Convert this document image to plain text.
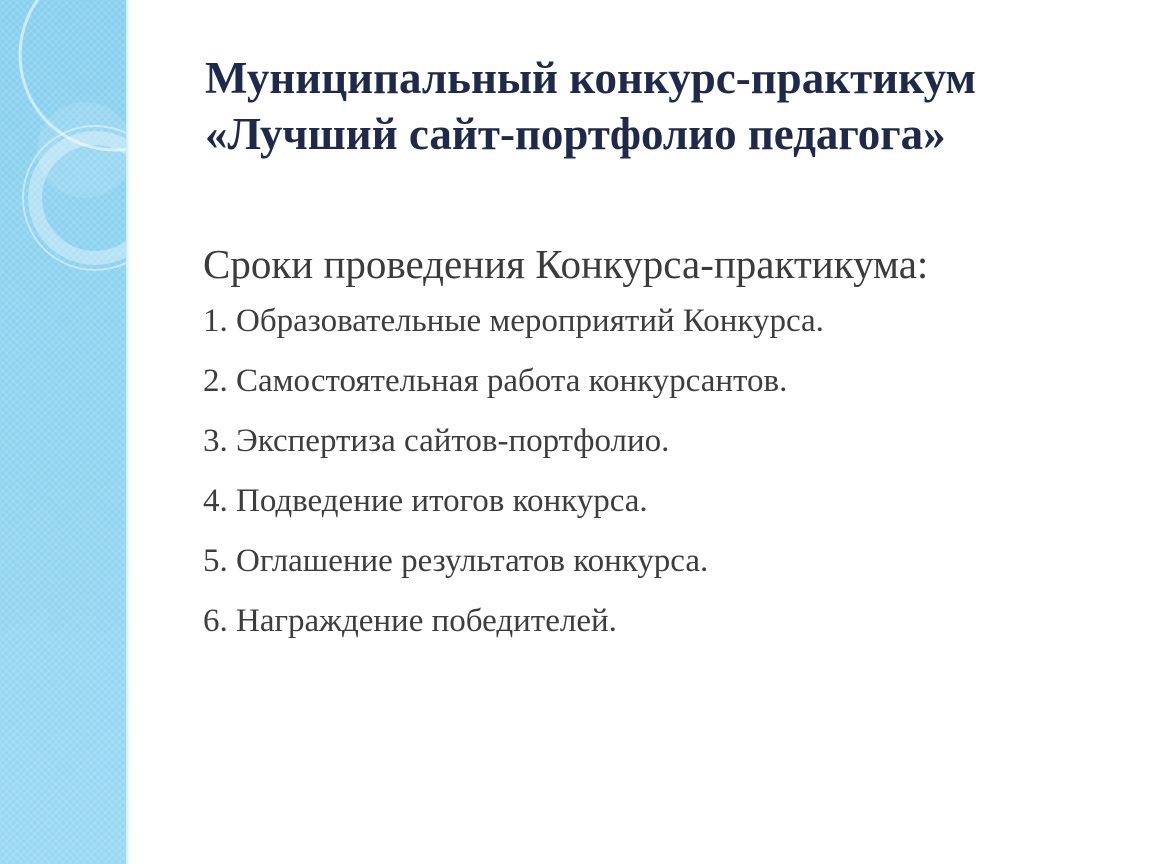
Муниципальный конкурс-практикум
«Лучший сайт-портфолио педагога»

Сроки проведения Конкурса-практикума:

1. Образовательные мероприятий Конкурса.
2. Самостоятельная работа конкурсантов.
3. Экспертиза сайтов-портфолио.
4. Подведение итогов конкурса.
5. Оглашение результатов конкурса.
6. Награждение победителей.
